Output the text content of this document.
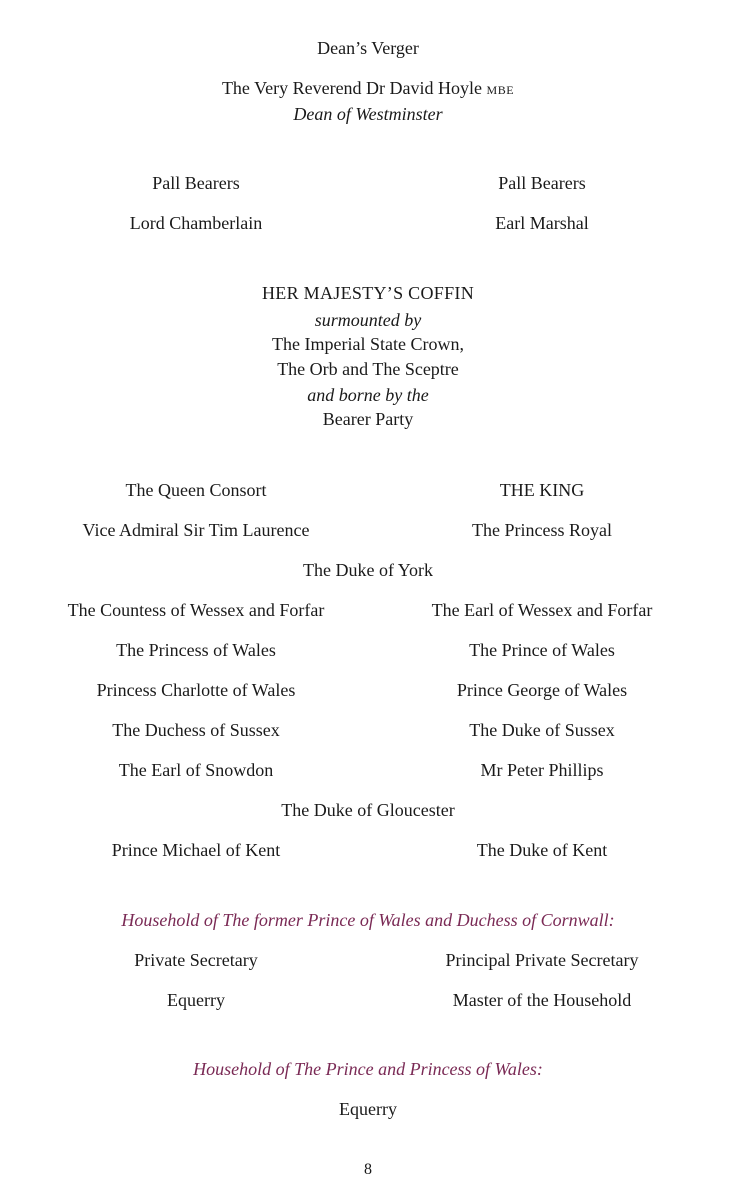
Dean’s Verger
The Very Reverend Dr David Hoyle MBE
Dean of Westminster
Pall Bearers	Pall Bearers
Lord Chamberlain	Earl Marshal
HER MAJESTY’S COFFIN
surmounted by
The Imperial State Crown,
The Orb and The Sceptre
and borne by the
Bearer Party
The Queen Consort	THE KING
Vice Admiral Sir Tim Laurence	The Princess Royal
The Duke of York
The Countess of Wessex and Forfar	The Earl of Wessex and Forfar
The Princess of Wales	The Prince of Wales
Princess Charlotte of Wales	Prince George of Wales
The Duchess of Sussex	The Duke of Sussex
The Earl of Snowdon	Mr Peter Phillips
The Duke of Gloucester
Prince Michael of Kent	The Duke of Kent
Household of The former Prince of Wales and Duchess of Cornwall:
Private Secretary	Principal Private Secretary
Equerry	Master of the Household
Household of The Prince and Princess of Wales:
Equerry
8
